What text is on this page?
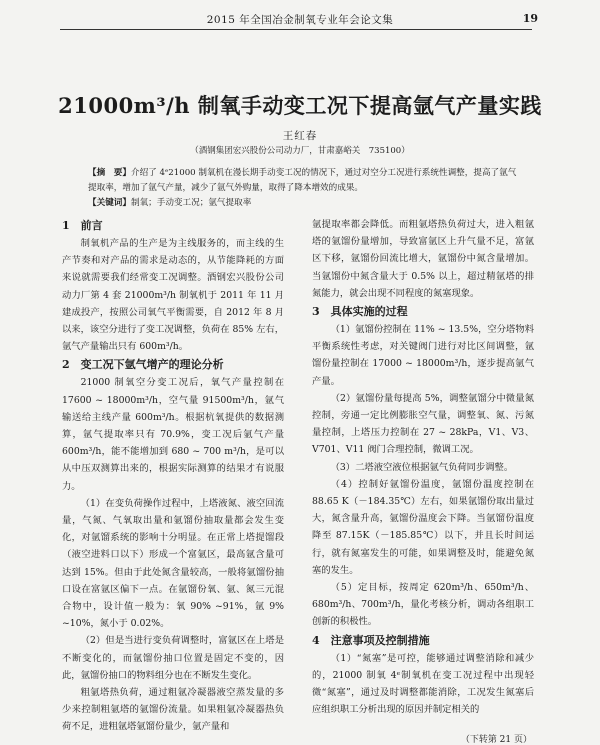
2015 年全国冶金制氧专业年会论文集	19
21000m³/h 制氧手动变工况下提高氩气产量实践
王红春
（酒钢集团宏兴股份公司动力厂，甘肃嘉峪关　735100）

【摘　要】介绍了 4ᵉ21000 制氧机在漫长期手动变工况的情况下，通过对空分工况进行系统性调整，提高了氩气提取率，增加了氩气产量，减少了氩气外购量，取得了降本增效的成果。

【关键词】制氧；手动变工况；氩气提取率

1　前言

制氧机产品的生产是为主线服务的，而主线的生产节奏和对产品的需求是动态的，从节能降耗的方面来说就需要我们经常变工况调整。酒钢宏兴股份公司动力厂第 4 套 21000m³/h 制氧机于 2011 年 11 月建成投产，按照公司氧气平衡需要，自 2012 年 8 月以来，该空分进行了变工况调整，负荷在 85% 左右，氩气产量输出只有 600m³/h。

2　变工况下氩气增产的理论分析

21000 制氧空分变工况后，氧气产量控制在 17600 ~ 18000m³/h，空气量 91500m³/h，氩气输送给主线产量 600m³/h。根据杭氧提供的数据测算，氩气提取率只有 70.9%，变工况后氩气产量 600m³/h，能不能增加到 680 ~ 700 m³/h，是可以从中压双测算出来的，根据实际测算的结果才有说服力。

（1）在变负荷操作过程中，上塔液氮、液空回流量，气氮、气氧取出量和氩馏份抽取量都会发生变化，对氩馏系统的影响十分明显。在正常上塔提馏段（液空进料口以下）形成一个富氩区，最高氩含量可达到 15%。但由于此处氮含量较高，一般将氩馏份抽口设在富氩区偏下一点。在氩馏份氧、氩、氮三元混合物中，设计值一般为：氧 90% ~91%，氩 9% ~10%，氮小于 0.02%。

（2）但是当进行变负荷调整时，富氩区在上塔是不断变化的，而氩馏份抽口位置是固定不变的，因此，氩馏份抽口的物料组分也在不断发生变化。

粗氩塔热负荷，通过粗氩冷凝器液空蒸发量的多少来控制粗氩塔的氩馏份流量。如果粗氩冷凝器热负荷不足，进粗氩塔氩馏份量少，氩产量和

氩提取率都会降低。而粗氩塔热负荷过大，进入粗氩塔的氩馏份量增加，导致富氩区上升气量不足，富氩区下移，氩馏份回流比增大，氩馏份中氮含量增加。当氩馏份中氮含量大于 0.5% 以上，超过精氩塔的排氮能力，就会出现不同程度的氮塞现象。

3　具体实施的过程

（1）氩馏份控制在 11% ~ 13.5%，空分塔物料平衡系统性考虑，对关键阀门进行对比区间调整，氩馏份量控制在 17000 ~ 18000m³/h，逐步提高氩气产量。

（2）氩馏份量每提高 5%，调整氩馏分中微量氮控制，旁通一定比例膨胀空气量，调整氧、氮、污氮量控制，上塔压力控制在 27 ~ 28kPa，V1、V3、V701、V11 阀门合理控制，微调工况。

（3）二塔液空液位根据氩气负荷同步调整。

（4）控制好氩馏份温度，氩馏份温度控制在 88.65 K（－184.35℃）左右，如果氩馏份取出量过大，氮含量升高，氩馏份温度会下降。当氩馏份温度降至 87.15K（－185.85℃）以下，并且长时间运行，就有氮塞发生的可能，如果调整及时，能避免氮塞的发生。

（5）定目标，按周定 620m³/h、650m³/h、680m³/h、700m³/h，量化考核分析，调动各组职工创新的积极性。

4　注意事项及控制措施

（1）“氮塞”是可控，能够通过调整消除和减少的，21000 制氧 4ᵉ制氧机在变工况过程中出现轻微“氮塞”，通过及时调整都能消除，工况发生氮塞后应组织职工分析出现的原因并制定相关的

（下转第 21 页）
